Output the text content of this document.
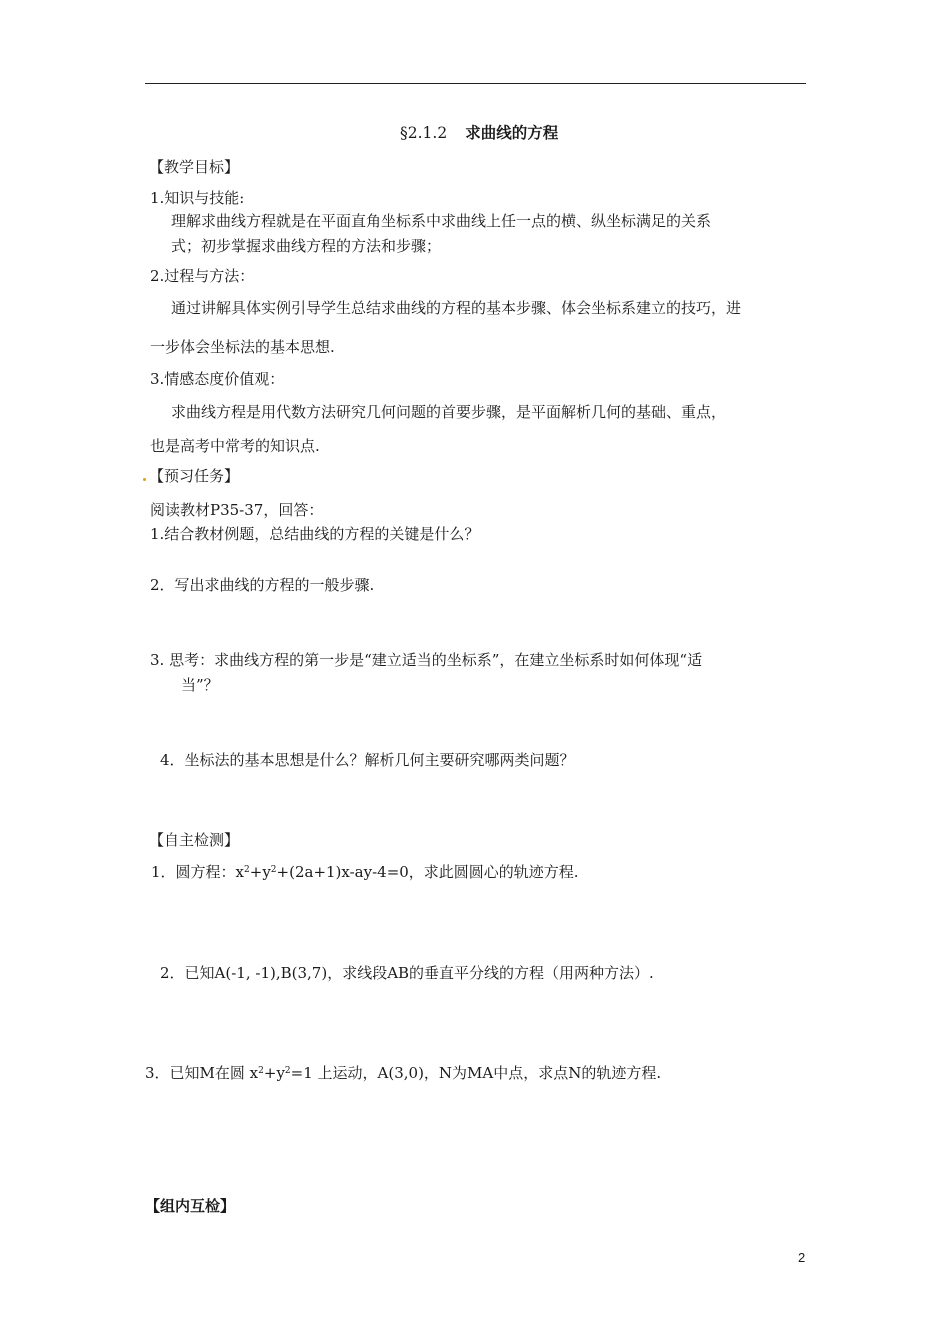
§2.1.2 求曲线的方程
【教学目标】
1.知识与技能:
理解求曲线方程就是在平面直角坐标系中求曲线上任一点的横、纵坐标满足的关系
式；初步掌握求曲线方程的方法和步骤；
2.过程与方法：
通过讲解具体实例引导学生总结求曲线的方程的基本步骤、体会坐标系建立的技巧，进
一步体会坐标法的基本思想.
3.情感态度价值观：
求曲线方程是用代数方法研究几何问题的首要步骤，是平面解析几何的基础、重点，
也是高考中常考的知识点.
【预习任务】
阅读教材P35-37，回答：
1.结合教材例题，总结曲线的方程的关键是什么？
2．写出求曲线的方程的一般步骤.
3. 思考：求曲线方程的第一步是“建立适当的坐标系”，在建立坐标系时如何体现“适
当”？
4．坐标法的基本思想是什么？解析几何主要研究哪两类问题？
【自主检测】
1．圆方程：$x^2+y^2+(2a+1)x-ay-4=0$，求此圆圆心的轨迹方程.
2．已知A(-1, -1),B(3,7)，求线段AB的垂直平分线的方程（用两种方法）.
3．已知M在圆 $x^2+y^2=1$ 上运动，A(3,0)，N为MA中点，求点N的轨迹方程.
【组内互检】
2
